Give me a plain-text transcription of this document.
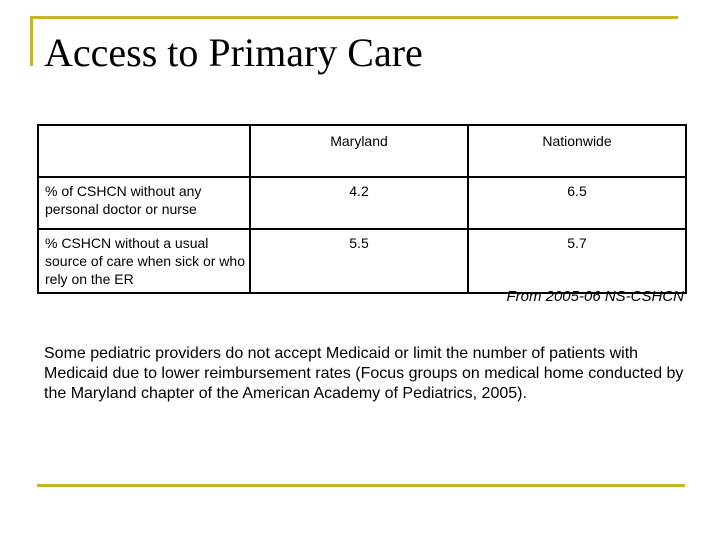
Access to Primary Care
	Maryland	Nationwide
% of CSHCN without any personal doctor or nurse	4.2	6.5
% CSHCN without a usual source of care when sick or who rely on the ER	5.5	5.7
From 2005-06 NS-CSHCN
Some pediatric providers do not accept Medicaid or limit the number of patients with Medicaid due to lower reimbursement rates (Focus groups on medical home conducted by the Maryland chapter of the American Academy of Pediatrics, 2005).
